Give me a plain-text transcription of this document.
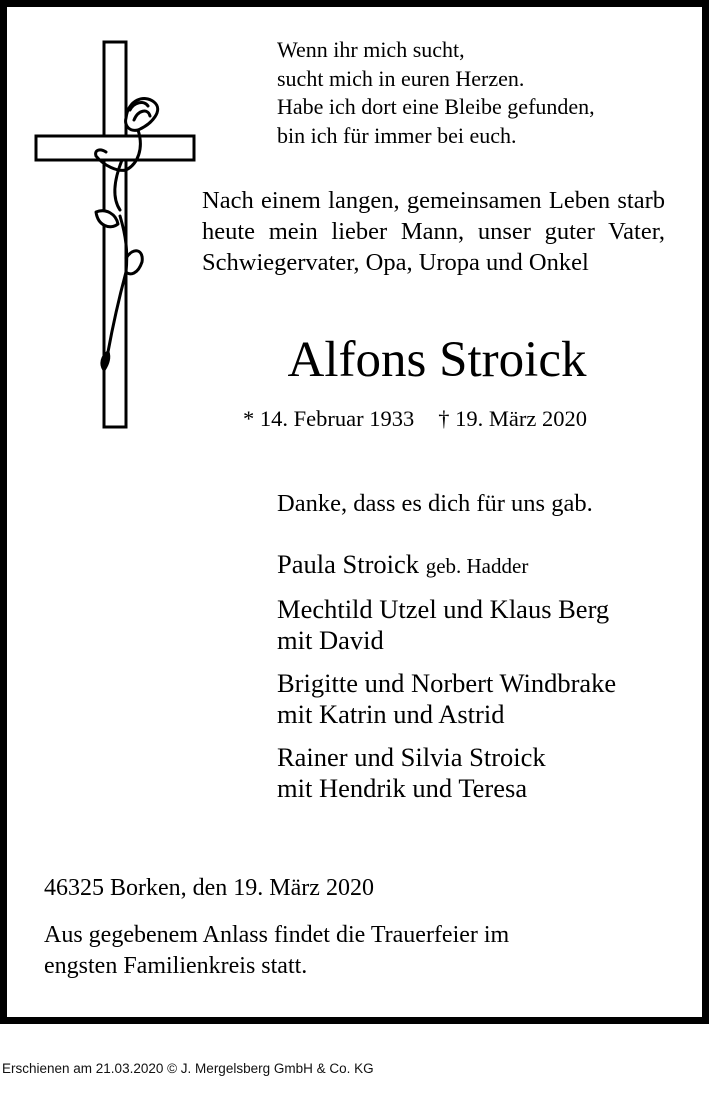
Wenn ihr mich sucht,
sucht mich in euren Herzen.
Habe ich dort eine Bleibe gefunden,
bin ich für immer bei euch.
Nach einem langen, gemeinsamen Leben starb heute mein lieber Mann, unser guter Vater, Schwiegervater, Opa, Uropa und Onkel
Alfons Stroick
* 14. Februar 1933 † 19. März 2020
Danke, dass es dich für uns gab.
Paula Stroick geb. Hadder
Mechtild Utzel und Klaus Berg
mit David
Brigitte und Norbert Windbrake
mit Katrin und Astrid
Rainer und Silvia Stroick
mit Hendrik und Teresa
46325 Borken, den 19. März 2020
Aus gegebenem Anlass findet die Trauerfeier im
engsten Familienkreis statt.
Erschienen am 21.03.2020 © J. Mergelsberg GmbH & Co. KG
